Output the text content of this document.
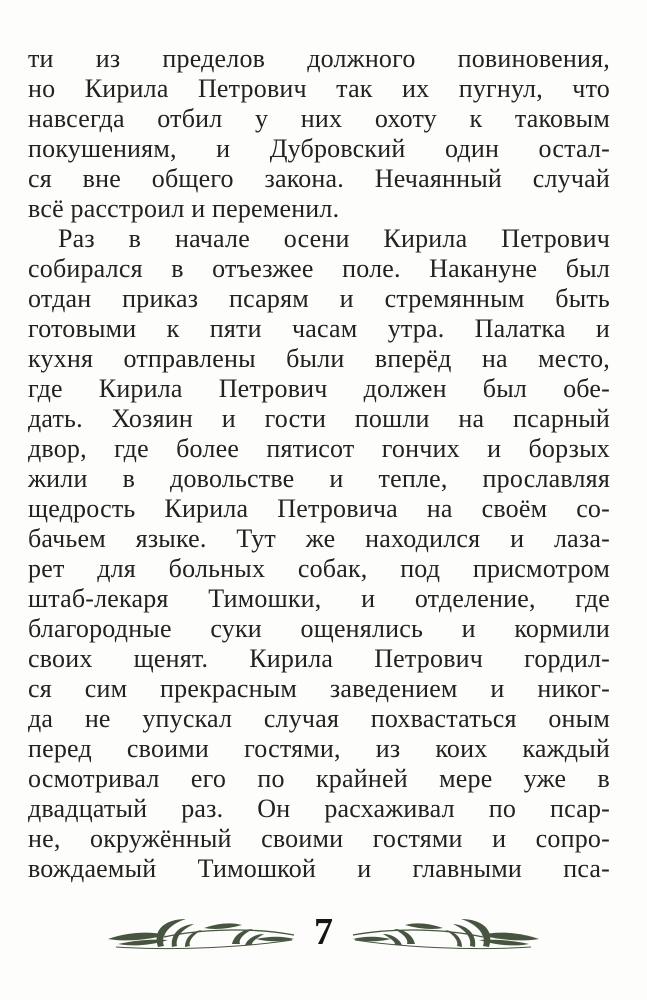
ти из пределов должного повиновения,
но Кирила Петрович так их пугнул, что
навсегда отбил у них охоту к таковым
покушениям, и Дубровский один остал-
ся вне общего закона. Нечаянный случай
всё расстроил и переменил.
Раз в начале осени Кирила Петрович
собирался в отъезжее поле. Накануне был
отдан приказ псарям и стремянным быть
готовыми к пяти часам утра. Палатка и
кухня отправлены были вперёд на место,
где Кирила Петрович должен был обе-
дать. Хозяин и гости пошли на псарный
двор, где более пятисот гончих и борзых
жили в довольстве и тепле, прославляя
щедрость Кирила Петровича на своём со-
бачьем языке. Тут же находился и лаза-
рет для больных собак, под присмотром
штаб-лекаря Тимошки, и отделение, где
благородные суки ощенялись и кормили
своих щенят. Кирила Петрович гордил-
ся сим прекрасным заведением и никог-
да не упускал случая похвастаться оным
перед своими гостями, из коих каждый
осмотривал его по крайней мере уже в
двадцатый раз. Он расхаживал по псар-
не, окружённый своими гостями и сопро-
вождаемый Тимошкой и главными пса-
7
